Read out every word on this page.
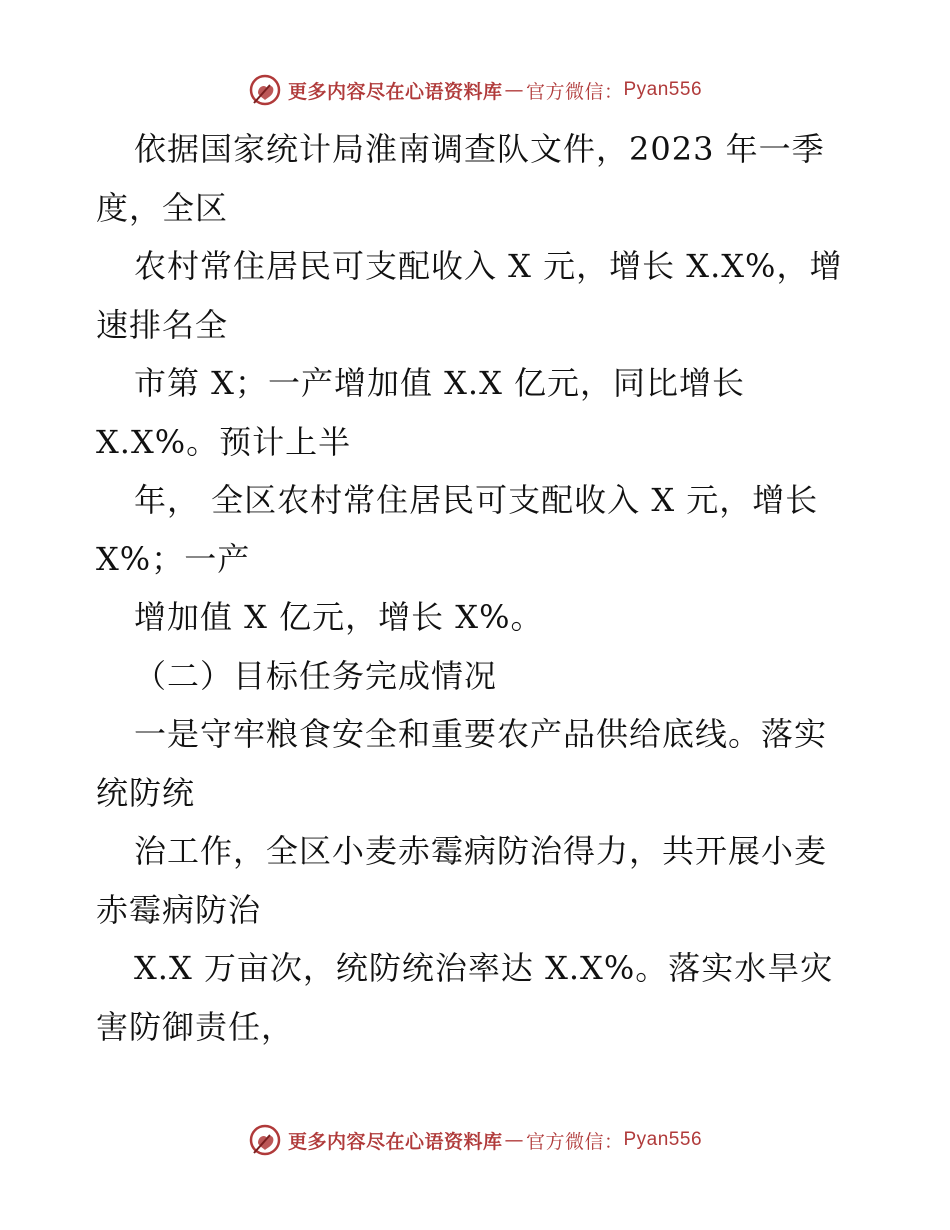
更多内容尽在心语资料库 — 官方微信： Pyan556
依据国家统计局淮南调查队文件，2023 年一季
度，全区
农村常住居民可支配收入 X 元，增长 X.X%，增
速排名全
市第 X；一产增加值 X.X 亿元，同比增长
X.X%。预计上半
年， 全区农村常住居民可支配收入 X 元，增长
X%；一产
增加值 X 亿元，增长 X%。
（二）目标任务完成情况
一是守牢粮食安全和重要农产品供给底线。落实
统防统
治工作，全区小麦赤霉病防治得力，共开展小麦
赤霉病防治
X.X 万亩次，统防统治率达 X.X%。落实水旱灾
害防御责任，
更多内容尽在心语资料库 — 官方微信： Pyan556
